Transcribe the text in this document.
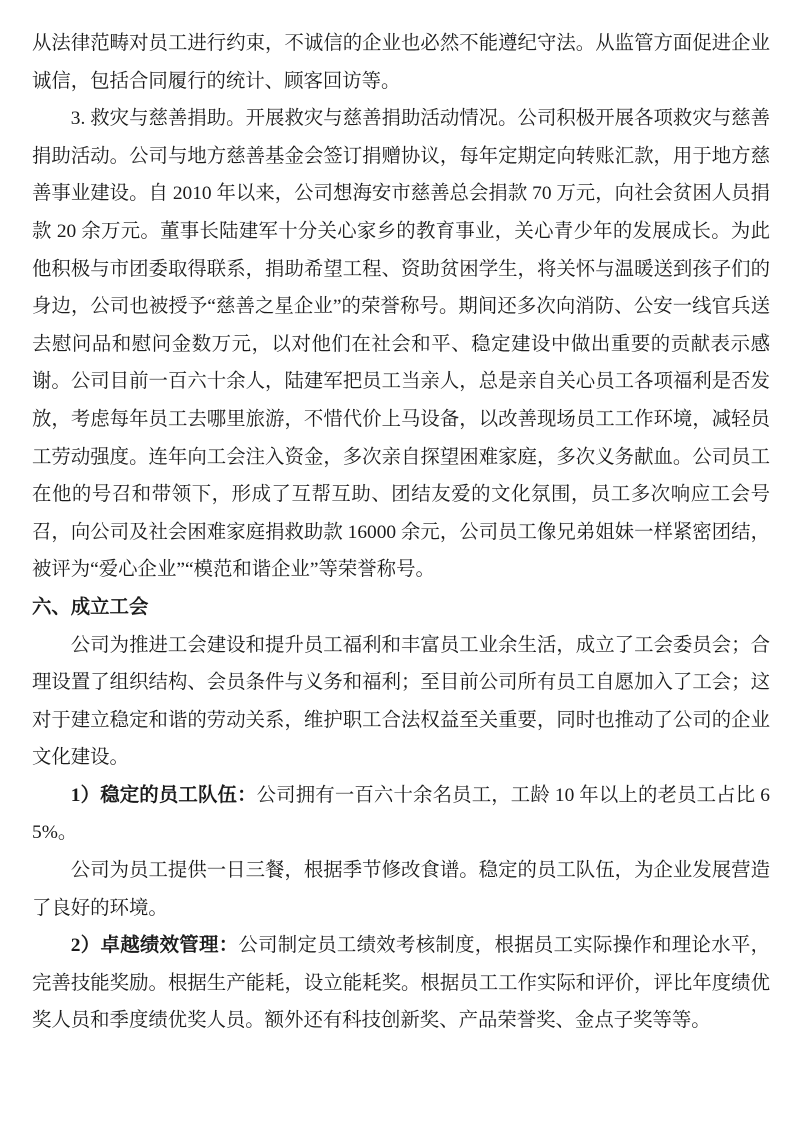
从法律范畴对员工进行约束，不诚信的企业也必然不能遵纪守法。从监管方面促进企业诚信，包括合同履行的统计、顾客回访等。

3. 救灾与慈善捐助。开展救灾与慈善捐助活动情况。公司积极开展各项救灾与慈善捐助活动。公司与地方慈善基金会签订捐赠协议，每年定期定向转账汇款，用于地方慈善事业建设。自 2010 年以来，公司想海安市慈善总会捐款 70 万元，向社会贫困人员捐款 20 余万元。董事长陆建军十分关心家乡的教育事业，关心青少年的发展成长。为此他积极与市团委取得联系，捐助希望工程、资助贫困学生，将关怀与温暖送到孩子们的身边，公司也被授予“慈善之星企业”的荣誉称号。期间还多次向消防、公安一线官兵送去慰问品和慰问金数万元，以对他们在社会和平、稳定建设中做出重要的贡献表示感谢。公司目前一百六十余人，陆建军把员工当亲人，总是亲自关心员工各项福利是否发放，考虑每年员工去哪里旅游，不惜代价上马设备，以改善现场员工工作环境，减轻员工劳动强度。连年向工会注入资金，多次亲自探望困难家庭，多次义务献血。公司员工在他的号召和带领下，形成了互帮互助、团结友爱的文化氛围，员工多次响应工会号召，向公司及社会困难家庭捐救助款 16000 余元，公司员工像兄弟姐妹一样紧密团结，被评为“爱心企业”“模范和谐企业”等荣誉称号。

六、成立工会

公司为推进工会建设和提升员工福利和丰富员工业余生活，成立了工会委员会；合理设置了组织结构、会员条件与义务和福利；至目前公司所有员工自愿加入了工会；这对于建立稳定和谐的劳动关系，维护职工合法权益至关重要，同时也推动了公司的企业文化建设。

1）稳定的员工队伍：公司拥有一百六十余名员工，工龄 10 年以上的老员工占比 65%。

公司为员工提供一日三餐，根据季节修改食谱。稳定的员工队伍，为企业发展营造了良好的环境。

2）卓越绩效管理：公司制定员工绩效考核制度，根据员工实际操作和理论水平，完善技能奖励。根据生产能耗，设立能耗奖。根据员工工作实际和评价，评比年度绩优奖人员和季度绩优奖人员。额外还有科技创新奖、产品荣誉奖、金点子奖等等。
